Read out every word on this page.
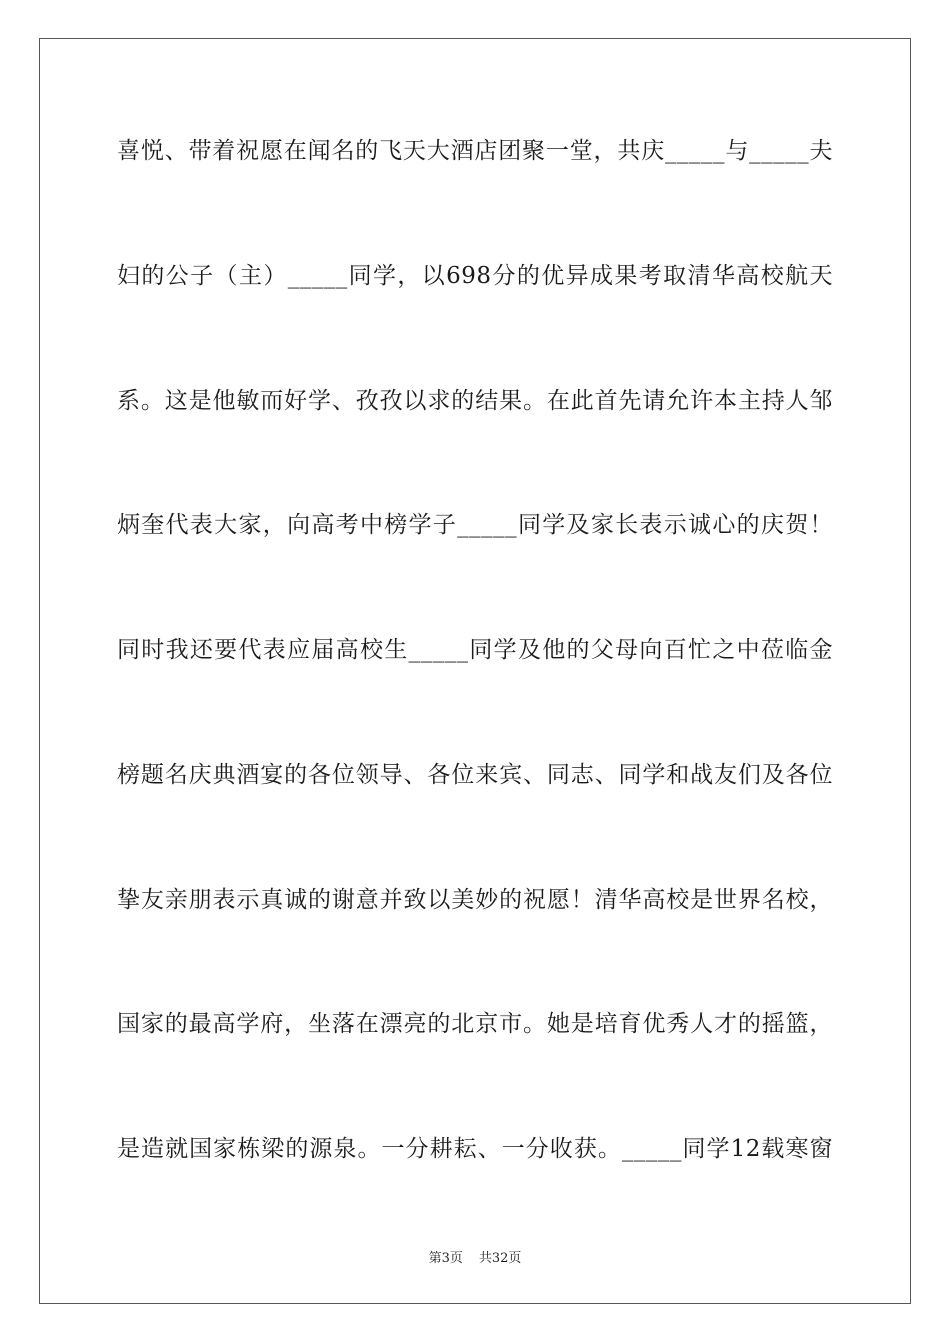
喜悦、带着祝愿在闻名的飞天大酒店团聚一堂，共庆_____与_____夫
妇的公子（主）_____同学，以698分的优异成果考取清华高校航天
系。这是他敏而好学、孜孜以求的结果。在此首先请允许本主持人邹
炳奎代表大家，向高考中榜学子_____同学及家长表示诚心的庆贺！
同时我还要代表应届高校生_____同学及他的父母向百忙之中莅临金
榜题名庆典酒宴的各位领导、各位来宾、同志、同学和战友们及各位
挚友亲朋表示真诚的谢意并致以美妙的祝愿！清华高校是世界名校，
国家的最高学府，坐落在漂亮的北京市。她是培育优秀人才的摇篮，
是造就国家栋梁的源泉。一分耕耘、一分收获。_____同学12载寒窗
第3页 共32页
